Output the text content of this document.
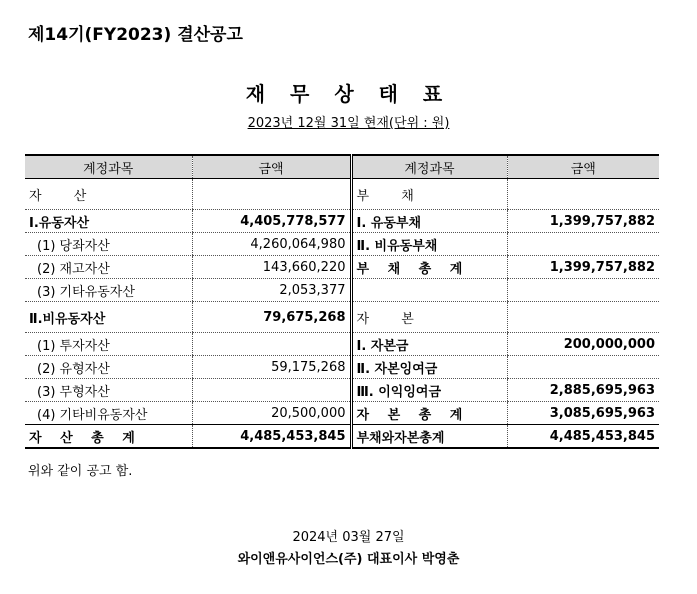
제14기(FY2023) 결산공고
재 무 상 태 표
2023년 12월 31일 현재(단위 : 원)
계정과목	금액	계정과목	금액
자 산		부 채	
Ⅰ.유동자산	4,405,778,577	Ⅰ. 유동부채	1,399,757,882
(1) 당좌자산	4,260,064,980	Ⅱ. 비유동부채	
(2) 재고자산	143,660,220	부 채 총 계	1,399,757,882
(3) 기타유동자산	2,053,377		
Ⅱ.비유동자산	79,675,268	자 본	
(1) 투자자산		Ⅰ. 자본금	200,000,000
(2) 유형자산	59,175,268	Ⅱ. 자본잉여금	
(3) 무형자산		Ⅲ. 이익잉여금	2,885,695,963
(4) 기타비유동자산	20,500,000	자 본 총 계	3,085,695,963
자 산 총 계	4,485,453,845	부채와자본총계	4,485,453,845
위와 같이 공고 함.
2024년 03월 27일
와이앤유사이언스(주) 대표이사 박영춘
